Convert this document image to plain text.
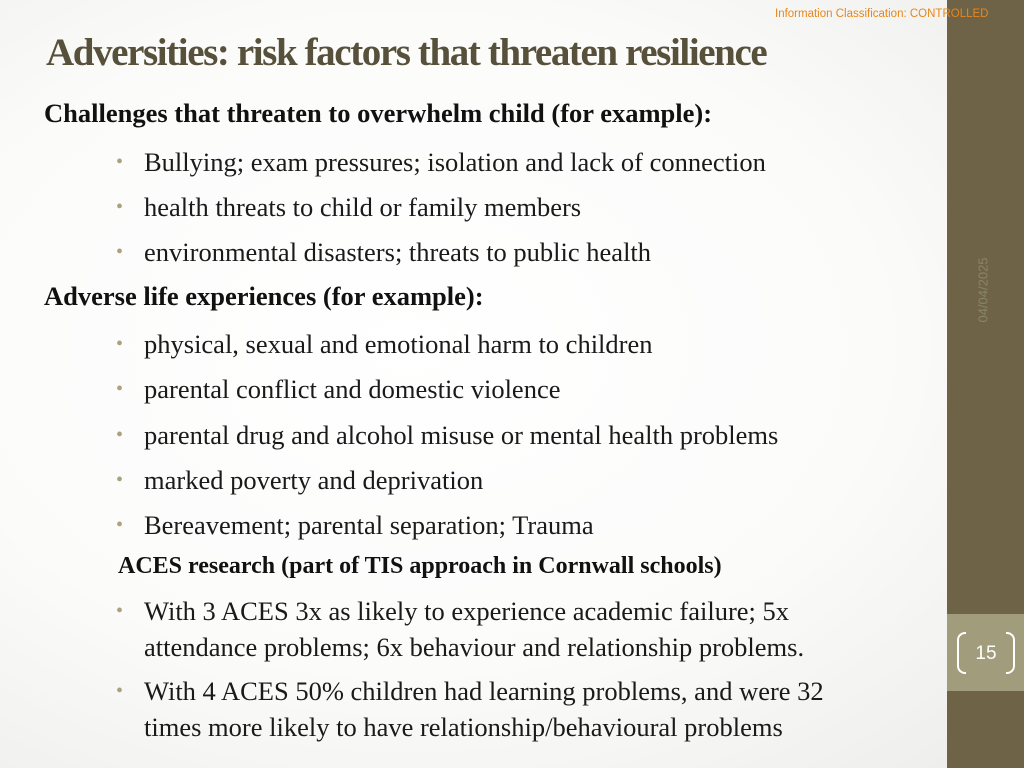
15
04/04/2025
Information Classification: CONTROLLED
Adversities: risk factors that threaten resilience
Challenges that threaten to overwhelm child (for example):
• Bullying; exam pressures; isolation and lack of connection
• health threats to child or family members
• environmental disasters; threats to public health
Adverse life experiences (for example):
• physical, sexual and emotional harm to children
• parental conflict and domestic violence
• parental drug and alcohol misuse or mental health problems
• marked poverty and deprivation
• Bereavement; parental separation; Trauma
ACES research (part of TIS approach in Cornwall schools)
• With 3 ACES 3x as likely to experience academic failure; 5x
attendance problems; 6x behaviour and relationship problems.
• With 4 ACES 50% children had learning problems, and were 32
times more likely to have relationship/behavioural problems
